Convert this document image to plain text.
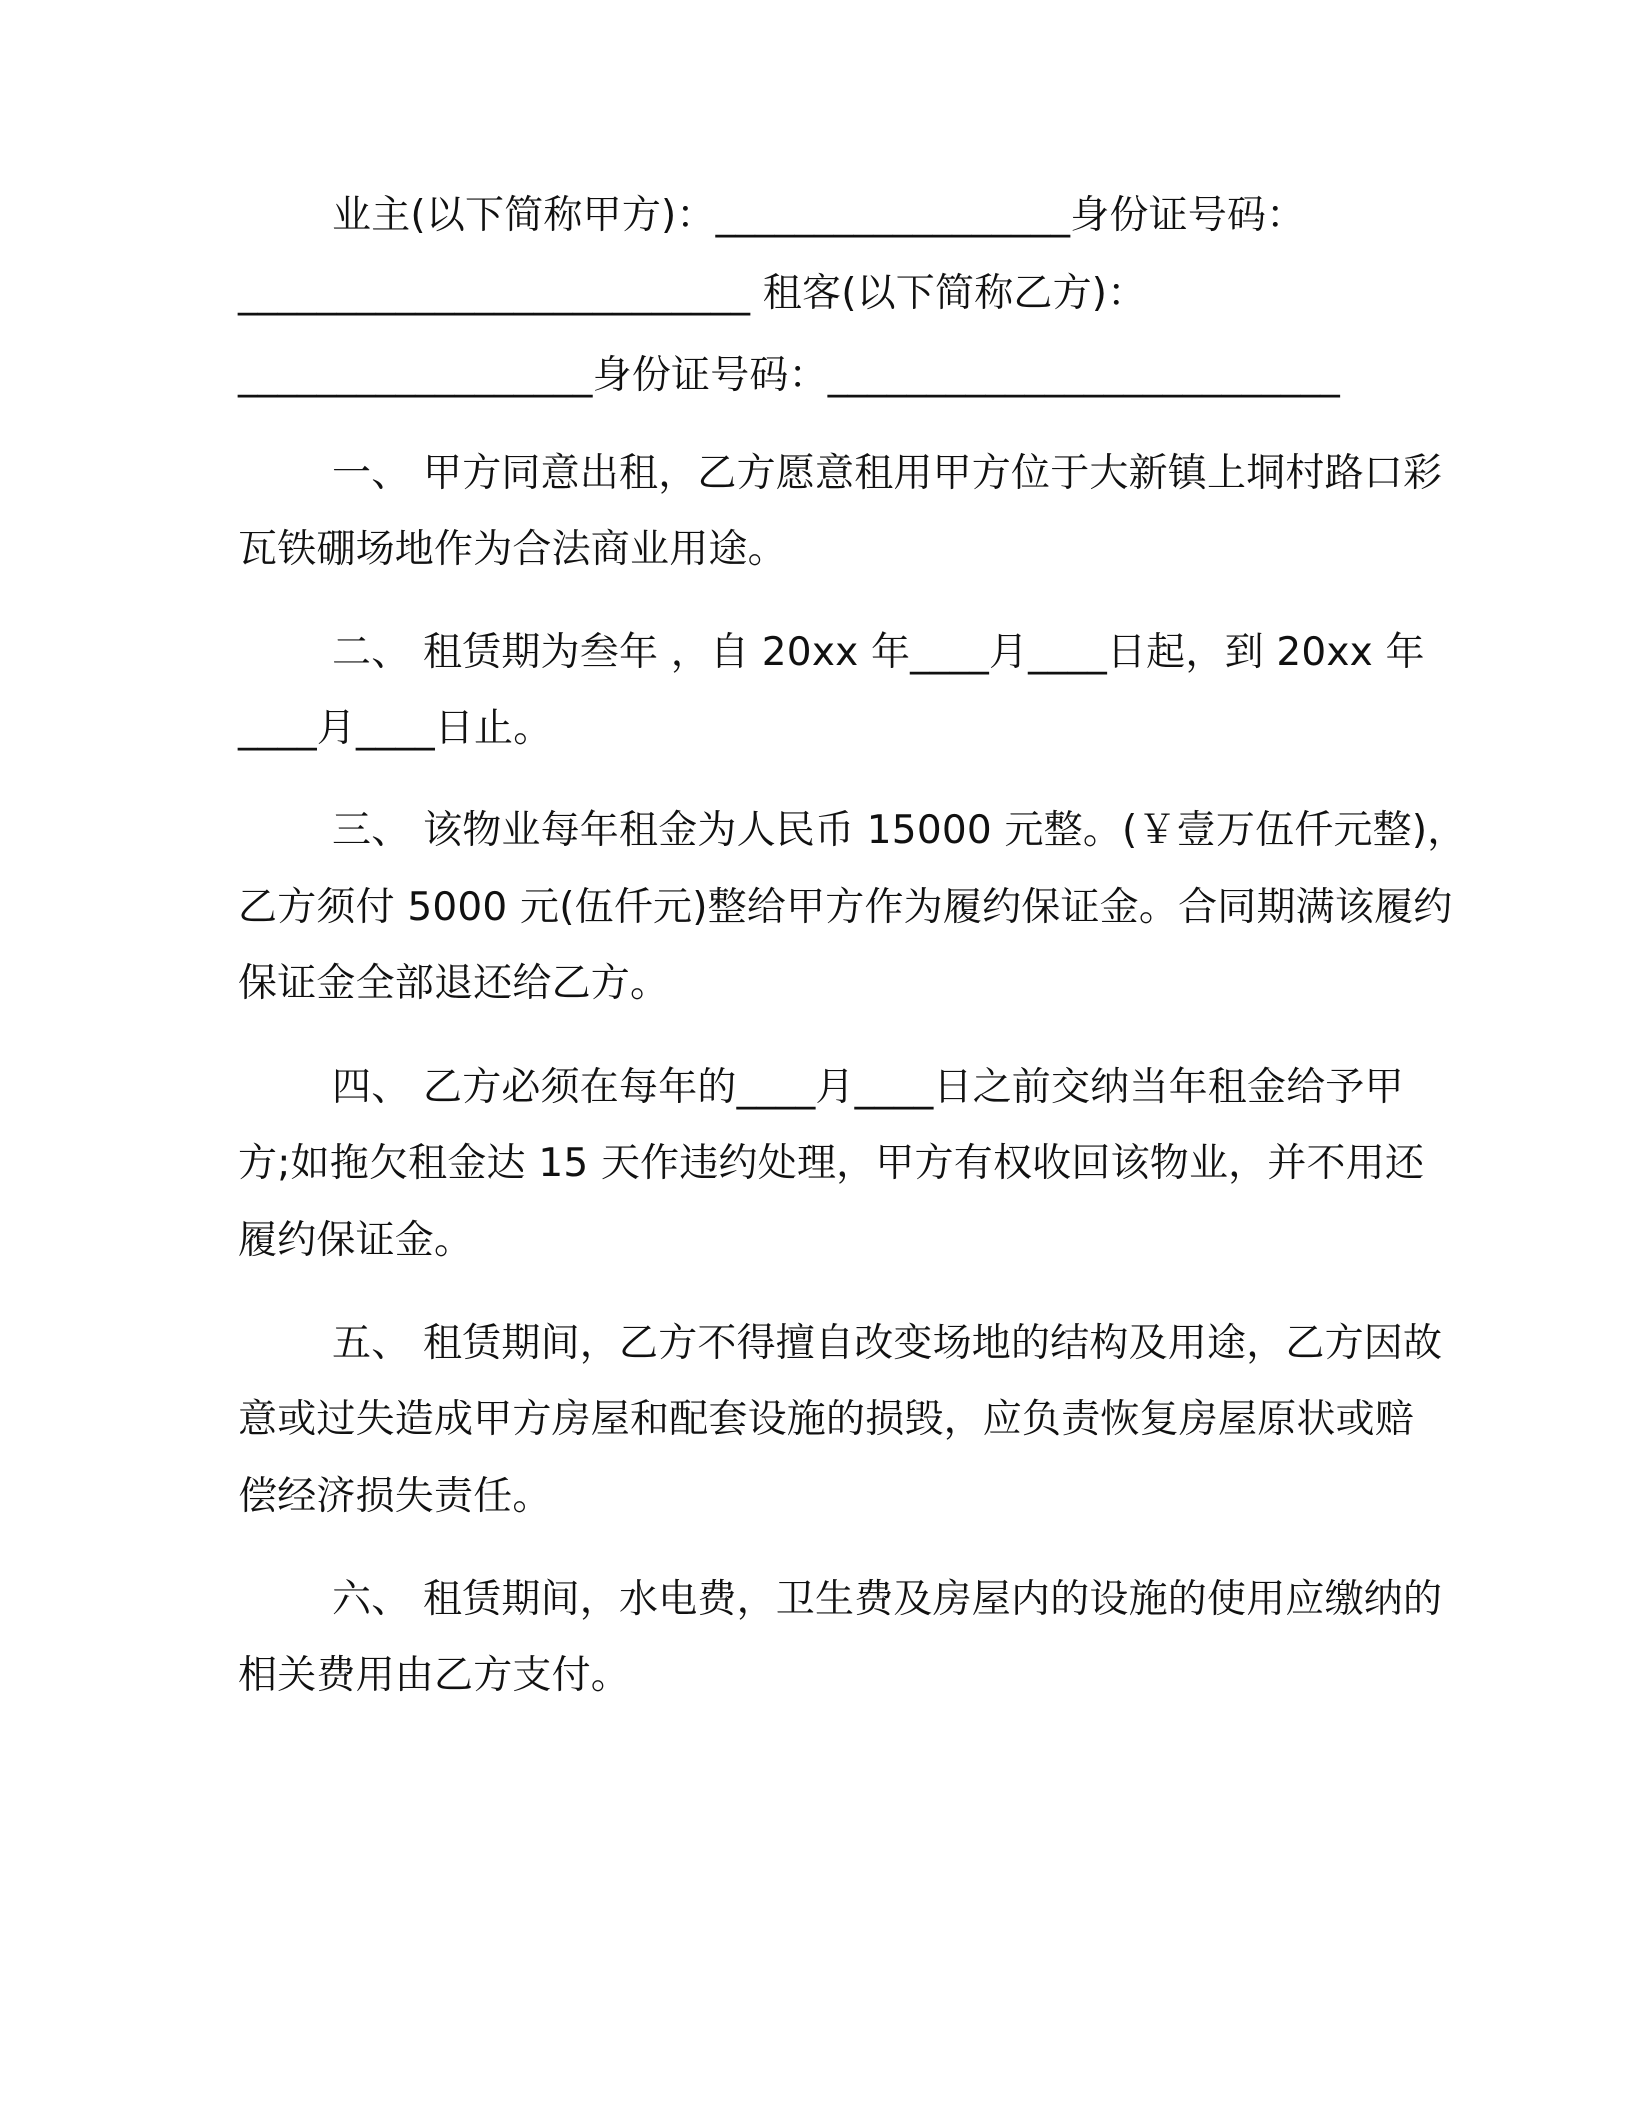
业主(以下简称甲方)：__________________身份证号码：
__________________________ 租客(以下简称乙方)：
__________________身份证号码：__________________________
一、 甲方同意出租，乙方愿意租用甲方位于大新镇上垌村路口彩
瓦铁硼场地作为合法商业用途。
二、 租赁期为叁年 ，自 20xx 年____月____日起，到 20xx 年
____月____日止。
三、 该物业每年租金为人民币 15000 元整。(￥壹万伍仟元整)，
乙方须付 5000 元(伍仟元)整给甲方作为履约保证金。合同期满该履约
保证金全部退还给乙方。
四、 乙方必须在每年的____月____日之前交纳当年租金给予甲
方;如拖欠租金达 15 天作违约处理，甲方有权收回该物业，并不用还
履约保证金。
五、 租赁期间，乙方不得擅自改变场地的结构及用途，乙方因故
意或过失造成甲方房屋和配套设施的损毁，应负责恢复房屋原状或赔
偿经济损失责任。
六、 租赁期间，水电费，卫生费及房屋内的设施的使用应缴纳的
相关费用由乙方支付。
